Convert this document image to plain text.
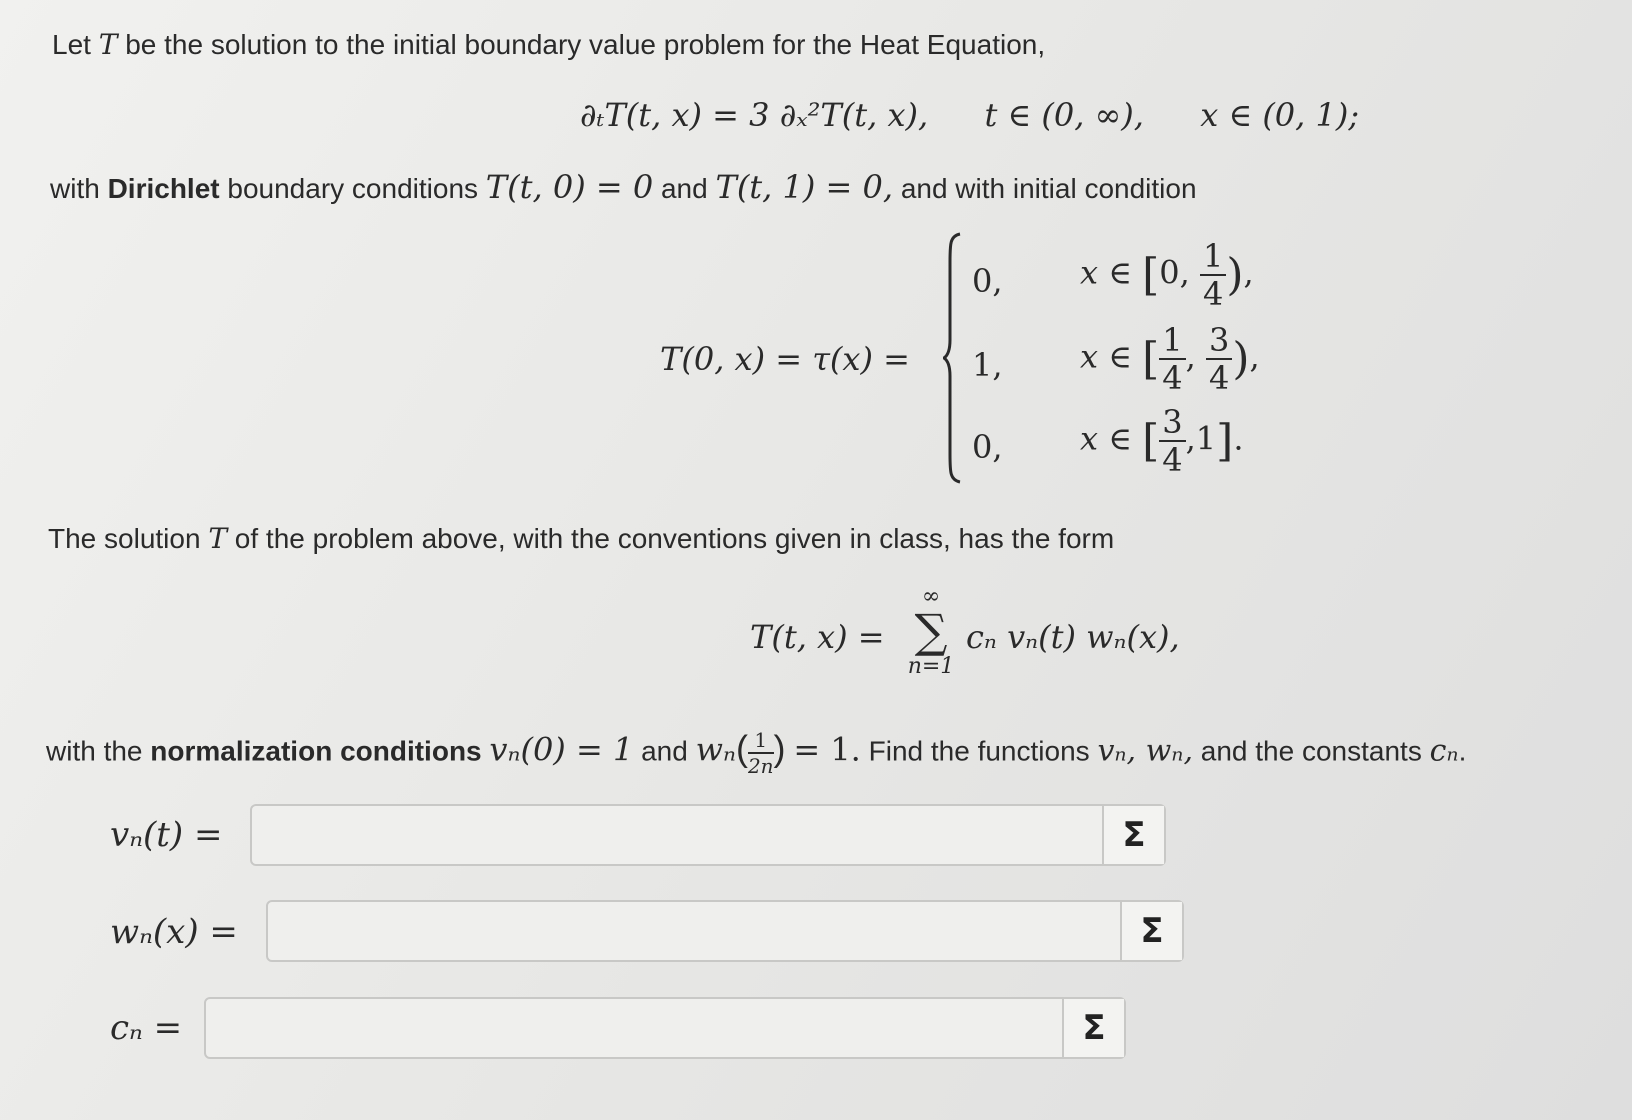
Let T be the solution to the initial boundary value problem for the Heat Equation,
∂ₜT(t, x) = 3 ∂ₓ²T(t, x), t ∈ (0, ∞), x ∈ (0, 1);
with Dirichlet boundary conditions T(t, 0) = 0 and T(t, 1) = 0, and with initial condition
T(0, x) = τ(x) =
0, x ∈ [0, $\frac{1}{4}$ ),
1, x ∈ [ $\frac{1}{4}$ , $\frac{3}{4}$ ),
0, x ∈ [ $\frac{3}{4} ,1$].
The solution T of the problem above, with the conventions given in class, has the form
T(t, x) =
∞
∑
n=1
cₙ vₙ(t) wₙ(x),
with the normalization conditions vₙ(0) = 1 and $w_n( \frac{1}{2n}$ ) = 1. Find the functions vₙ, wₙ, and the constants cₙ.
vₙ(t) =	Σ
wₙ(x) =	Σ
cₙ =	Σ
